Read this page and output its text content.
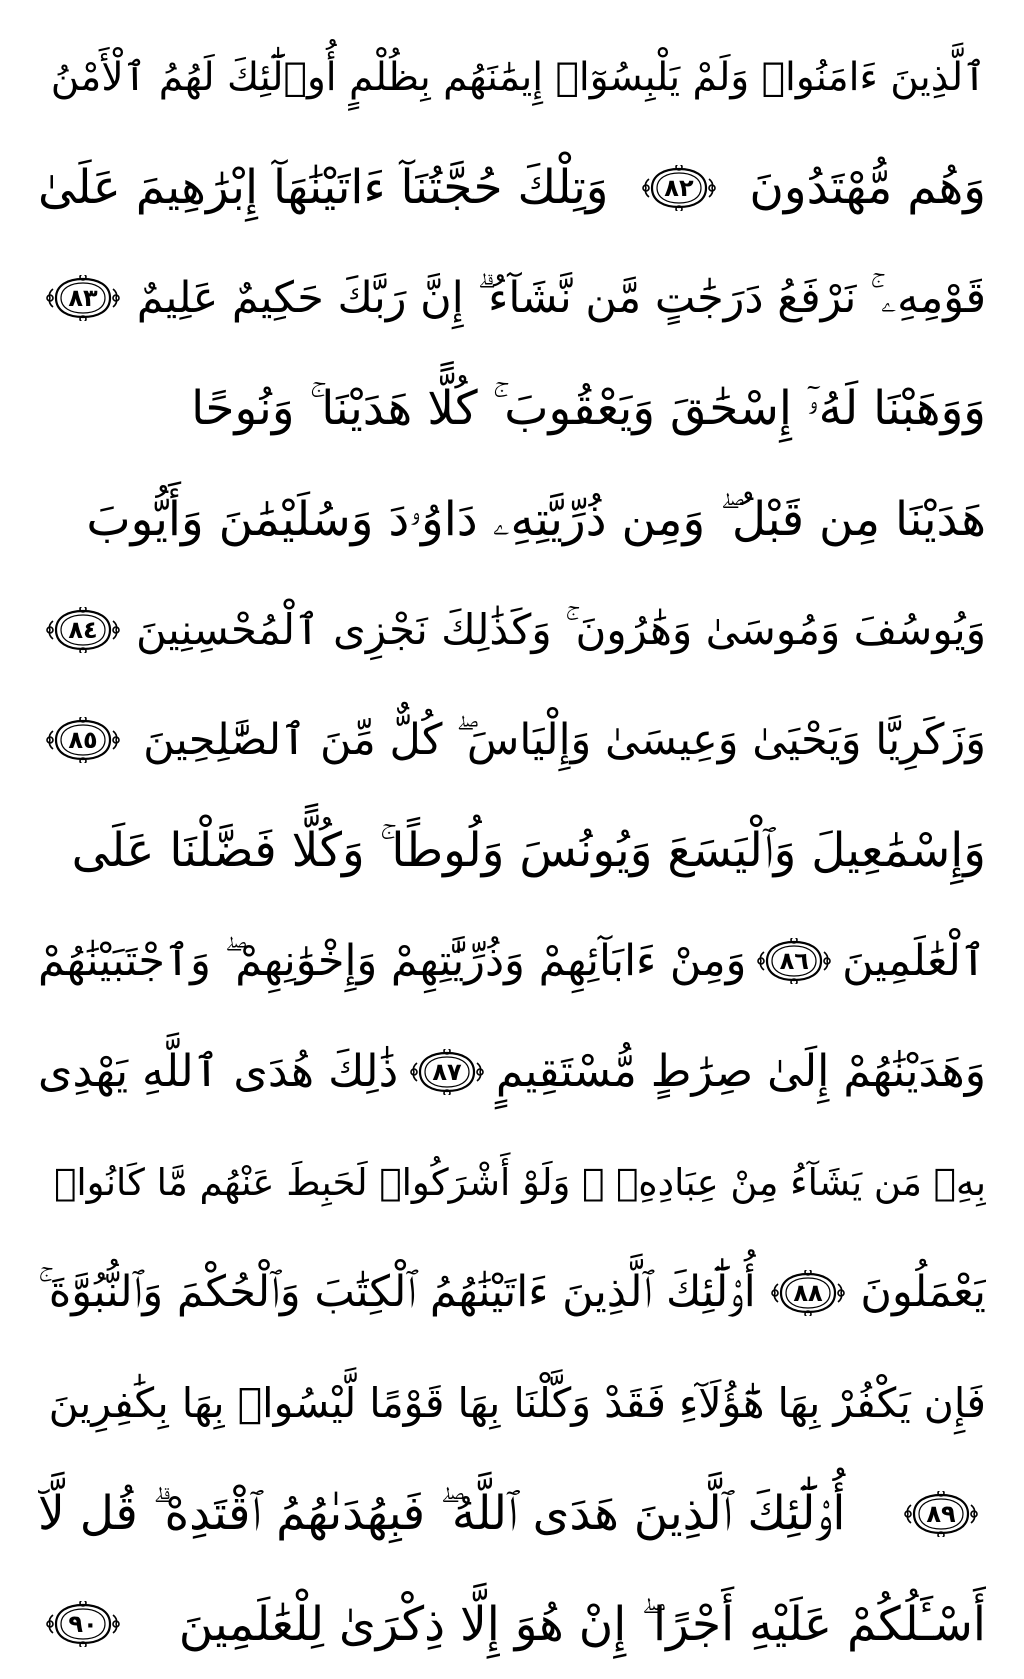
ٱلَّذِينَ ءَامَنُوا۟ وَلَمْ يَلْبِسُوٓا۟ إِيمَٰنَهُم بِظُلْمٍ أُو۟لَٰٓئِكَ لَهُمُ ٱلْأَمْنُ
وَهُم مُّهْتَدُونَ
٨٢
وَتِلْكَ حُجَّتُنَآ ءَاتَيْنَٰهَآ إِبْرَٰهِيمَ عَلَىٰ
قَوْمِهِۦ ۚ نَرْفَعُ دَرَجَٰتٍ مَّن نَّشَآءُ ۗ إِنَّ رَبَّكَ حَكِيمٌ عَلِيمٌ
٨٣
وَوَهَبْنَا لَهُۥٓ إِسْحَٰقَ وَيَعْقُوبَ ۚ كُلًّا هَدَيْنَا ۚ وَنُوحًا
هَدَيْنَا مِن قَبْلُ ۖ وَمِن ذُرِّيَّتِهِۦ دَاوُۥدَ وَسُلَيْمَٰنَ وَأَيُّوبَ
وَيُوسُفَ وَمُوسَىٰ وَهَٰرُونَ ۚ وَكَذَٰلِكَ نَجْزِى ٱلْمُحْسِنِينَ
٨٤
وَزَكَرِيَّا وَيَحْيَىٰ وَعِيسَىٰ وَإِلْيَاسَ ۖ كُلٌّ مِّنَ ٱلصَّٰلِحِينَ
٨٥
وَإِسْمَٰعِيلَ وَٱلْيَسَعَ وَيُونُسَ وَلُوطًا ۚ وَكُلًّا فَضَّلْنَا عَلَى
ٱلْعَٰلَمِينَ
٨٦
وَمِنْ ءَابَآئِهِمْ وَذُرِّيَّٰتِهِمْ وَإِخْوَٰنِهِمْ ۖ وَٱجْتَبَيْنَٰهُمْ
وَهَدَيْنَٰهُمْ إِلَىٰ صِرَٰطٍ مُّسْتَقِيمٍ
٨٧
ذَٰلِكَ هُدَى ٱللَّهِ يَهْدِى
بِهِۦ مَن يَشَآءُ مِنْ عِبَادِهِۦ ۚ وَلَوْ أَشْرَكُوا۟ لَحَبِطَ عَنْهُم مَّا كَانُوا۟
يَعْمَلُونَ
٨٨
أُو۟لَٰٓئِكَ ٱلَّذِينَ ءَاتَيْنَٰهُمُ ٱلْكِتَٰبَ وَٱلْحُكْمَ وَٱلنُّبُوَّةَ ۚ
فَإِن يَكْفُرْ بِهَا هَٰٓؤُلَآءِ فَقَدْ وَكَّلْنَا بِهَا قَوْمًا لَّيْسُوا۟ بِهَا بِكَٰفِرِينَ
٨٩
أُو۟لَٰٓئِكَ ٱلَّذِينَ هَدَى ٱللَّهُ ۖ فَبِهُدَىٰهُمُ ٱقْتَدِهْ ۗ قُل لَّآ
أَسْـَٔلُكُمْ عَلَيْهِ أَجْرًا ۖ إِنْ هُوَ إِلَّا ذِكْرَىٰ لِلْعَٰلَمِينَ
٩٠
